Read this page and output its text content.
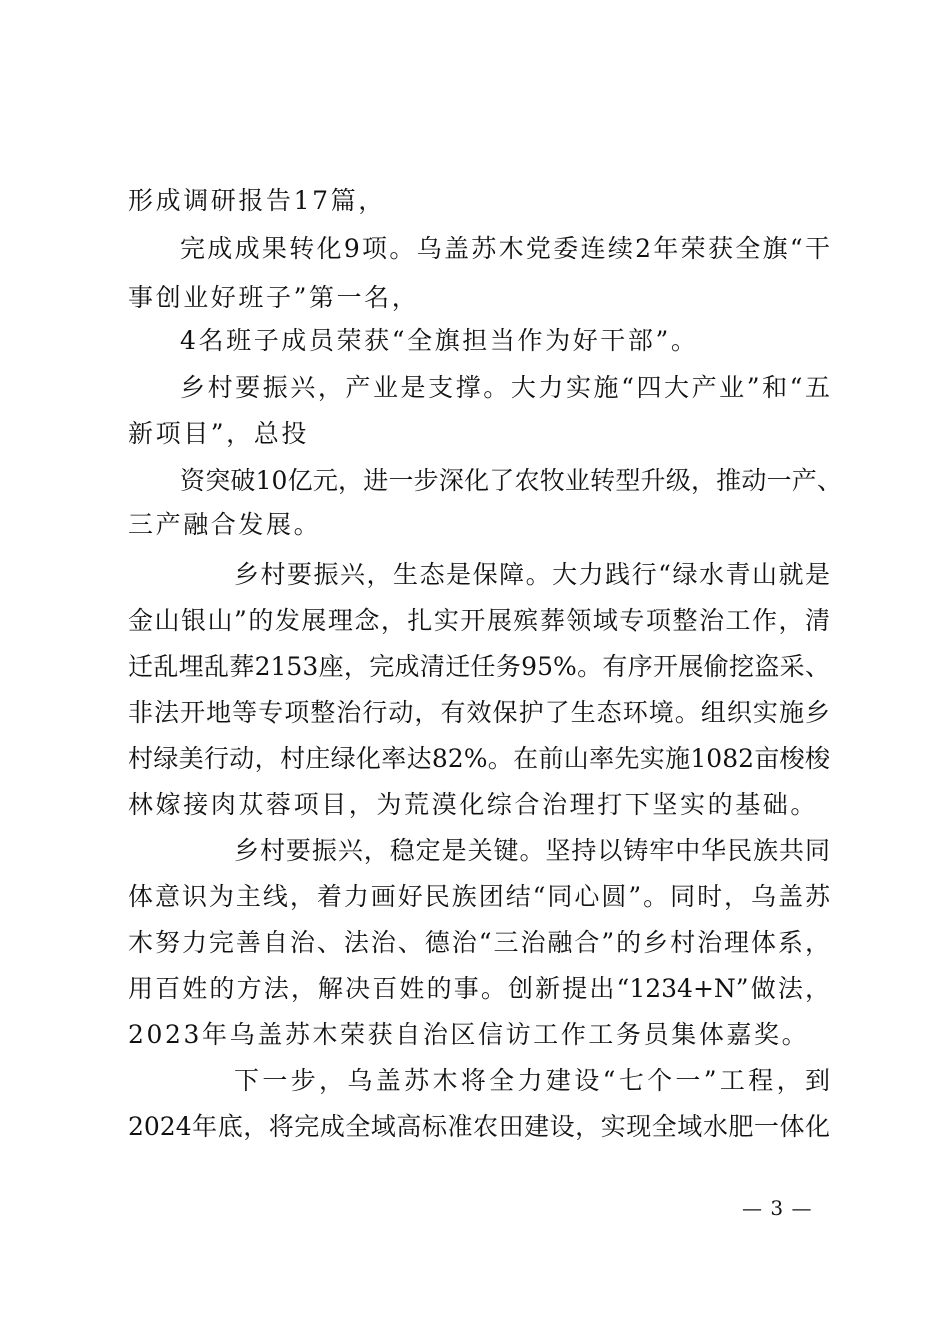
形成调研报告17篇，

完成成果转化9项。乌盖苏木党委连续2年荣获全旗“干

事创业好班子”第一名，

4名班子成员荣获“全旗担当作为好干部”。

乡村要振兴，产业是支撑。大力实施“四大产业”和“五

新项目”，总投

资突破10亿元，进一步深化了农牧业转型升级，推动一产、

三产融合发展。

乡村要振兴，生态是保障。大力践行“绿水青山就是

金山银山”的发展理念，扎实开展殡葬领域专项整治工作，清

迁乱埋乱葬2153座，完成清迁任务95%。有序开展偷挖盗采、

非法开地等专项整治行动，有效保护了生态环境。组织实施乡

村绿美行动，村庄绿化率达82%。在前山率先实施1082亩梭梭

林嫁接肉苁蓉项目，为荒漠化综合治理打下坚实的基础。

乡村要振兴，稳定是关键。坚持以铸牢中华民族共同

体意识为主线，着力画好民族团结“同心圆”。同时，乌盖苏

木努力完善自治、法治、德治“三治融合”的乡村治理体系，

用百姓的方法，解决百姓的事。创新提出“1234+N”做法，

2023年乌盖苏木荣获自治区信访工作工务员集体嘉奖。

下一步，乌盖苏木将全力建设“七个一”工程，到

2024年底，将完成全域高标准农田建设，实现全域水肥一体化

— 3 —
